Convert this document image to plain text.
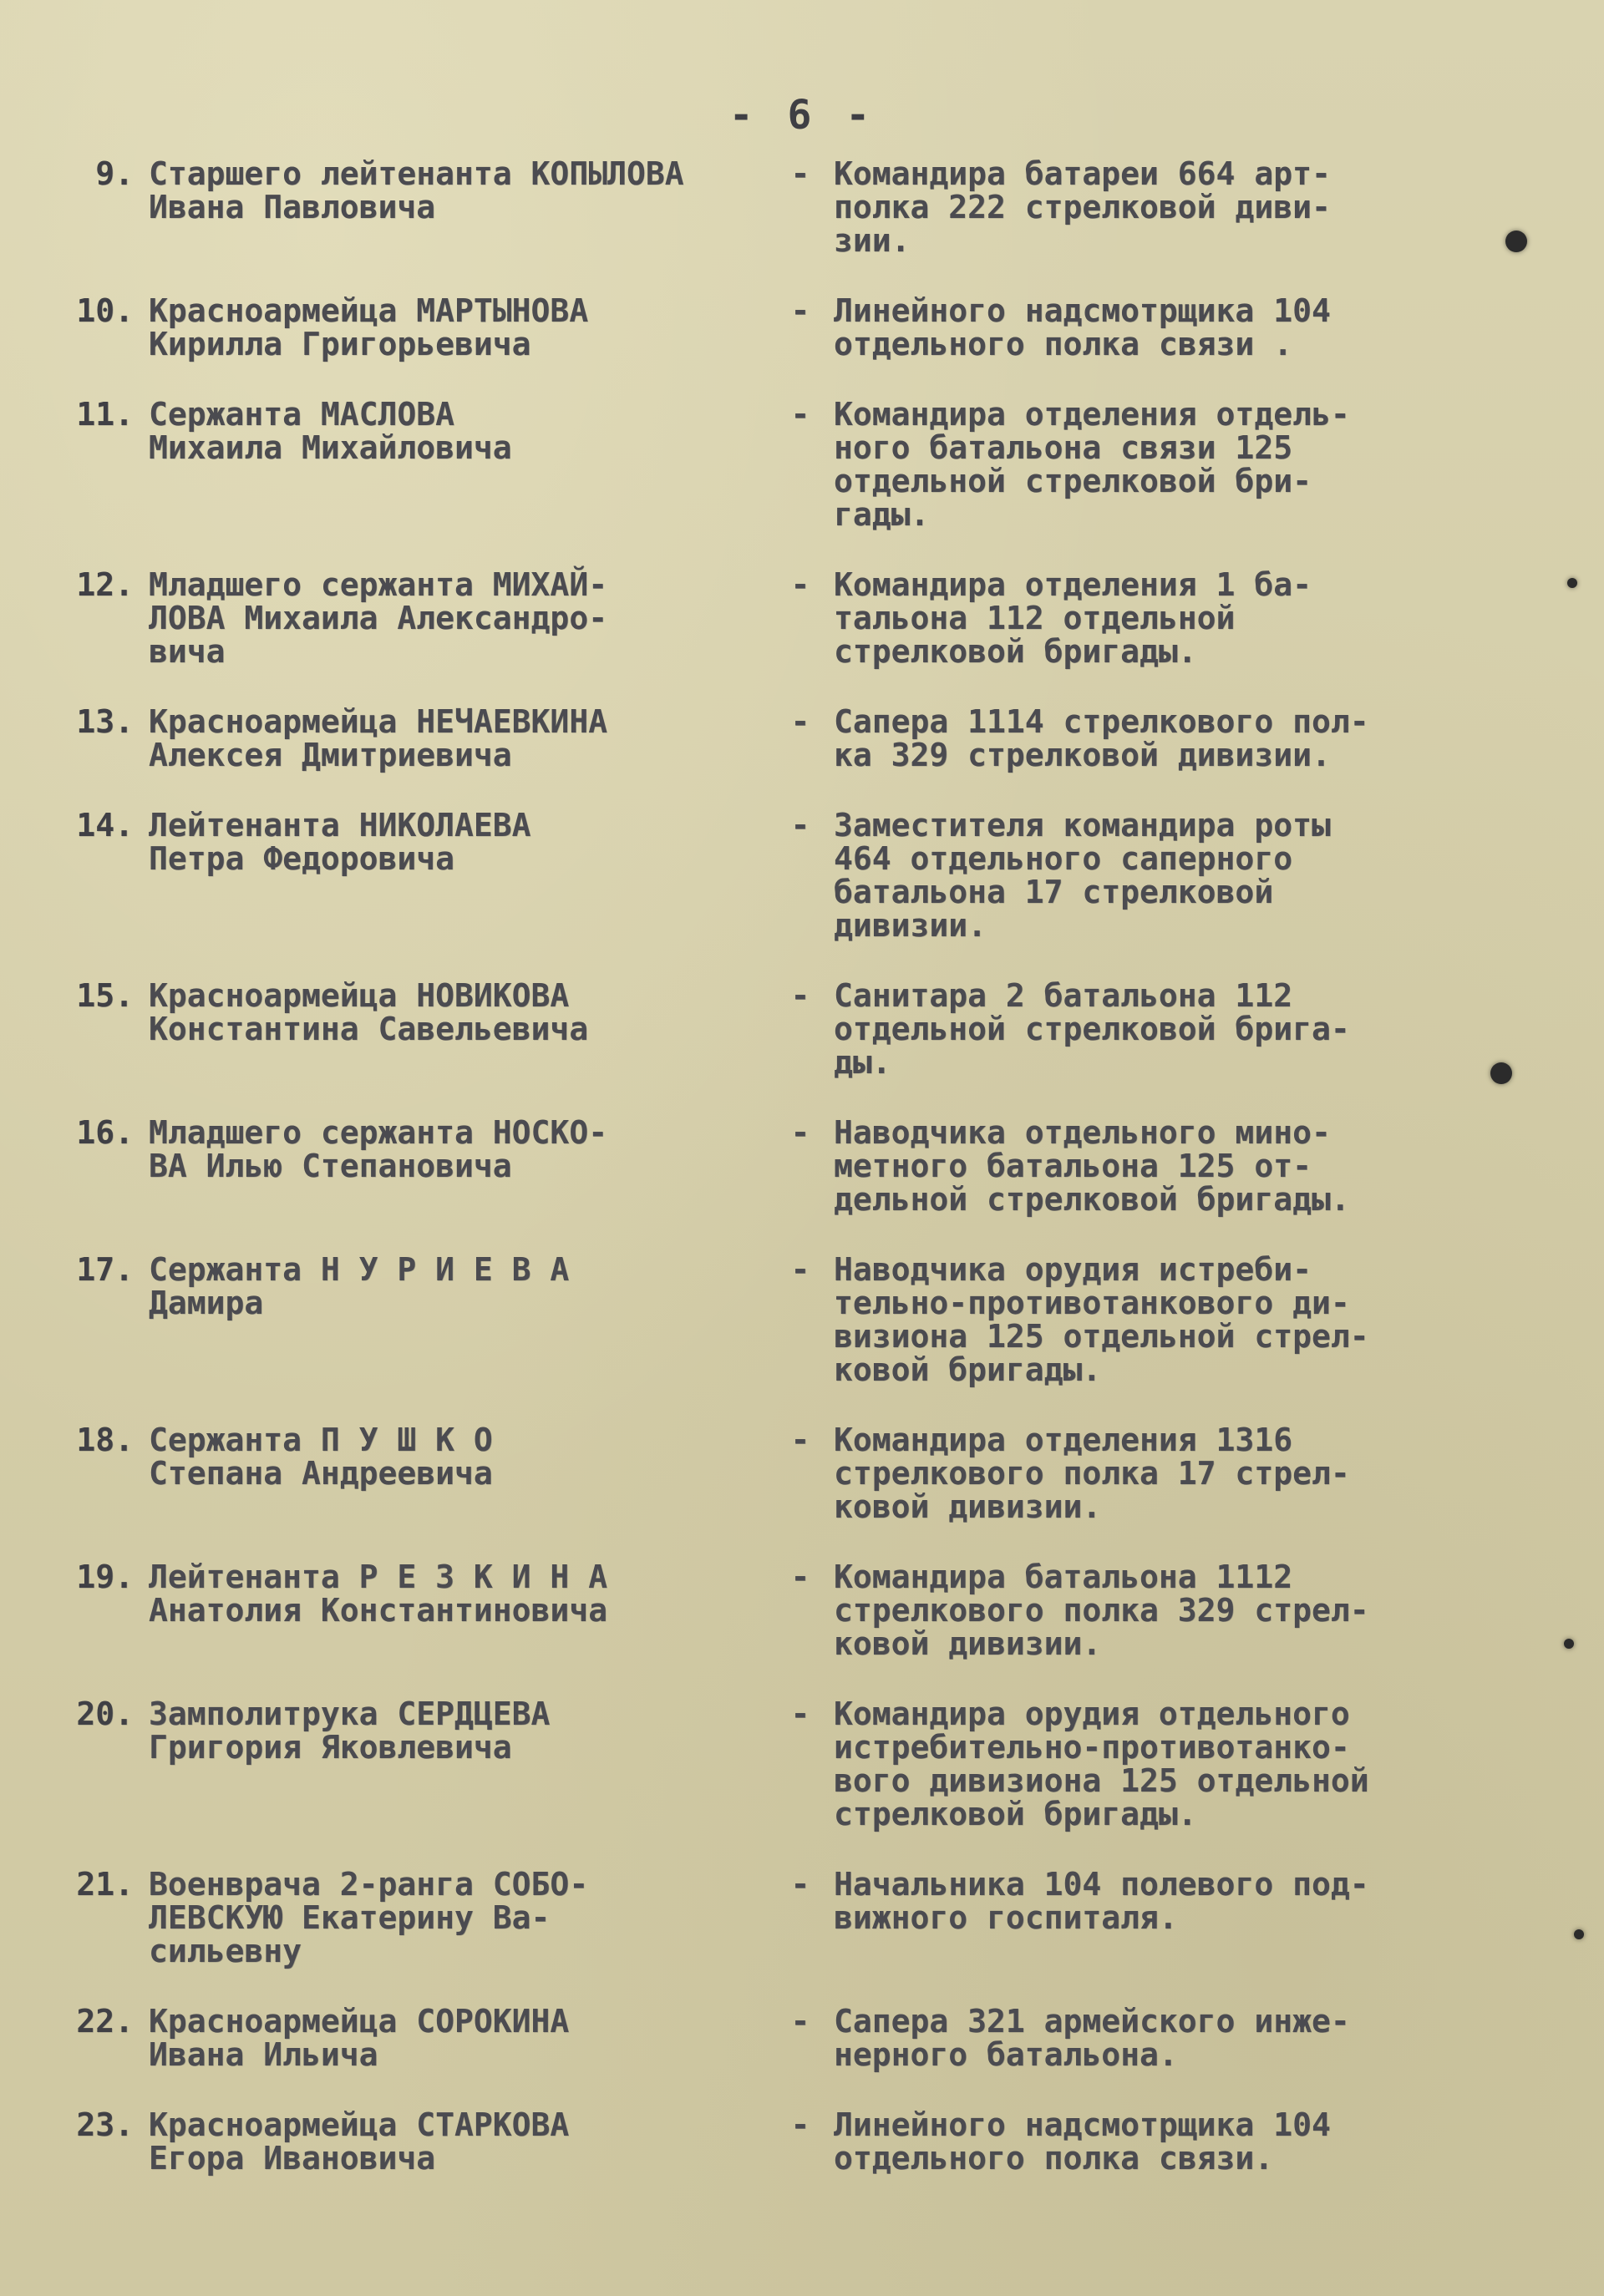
- 6 -
9. Старшего лейтенанта КОПЫЛОВА Ивана Павловича
- Командира батареи 664 арт-
полка 222 стрелковой диви-
зии.
10. Красноармейца МАРТЫНОВА
Кирилла Григорьевича
- Линейного надсмотрщика 104
отдельного полка связи .
11. Сержанта МАСЛОВА
Михаила Михайловича
- Командира отделения отдель-
ного батальона связи 125
отдельной стрелковой бри-
гады.
12. Младшего сержанта МИХАЙ-
ЛОВА Михаила Александро-
вича
- Командира отделения 1 ба-
тальона 112 отдельной
стрелковой бригады.
13. Красноармейца НЕЧАЕВКИНА
Алексея Дмитриевича
- Сапера 1114 стрелкового пол-
ка 329 стрелковой дивизии.
14. Лейтенанта НИКОЛАЕВА
Петра Федоровича
- Заместителя командира роты
464 отдельного саперного
батальона 17 стрелковой
дивизии.
15. Красноармейца НОВИКОВА
Константина Савельевича
- Санитара 2 батальона 112
отдельной стрелковой брига-
ды.
16. Младшего сержанта НОСКО-
ВА Илью Степановича
- Наводчика отдельного мино-
метного батальона 125 от-
дельной стрелковой бригады.
17. Сержанта Н У Р И Е В А
Дамира
- Наводчика орудия истреби-
тельно-противотанкового ди-
визиона 125 отдельной стрел-
ковой бригады.
18. Сержанта П У Ш К О
Степана Андреевича
- Командира отделения 1316
стрелкового полка 17 стрел-
ковой дивизии.
19. Лейтенанта Р Е З К И Н А
Анатолия Константиновича
- Командира батальона 1112
стрелкового полка 329 стрел-
ковой дивизии.
20. Замполитрука СЕРДЦЕВА
Григория Яковлевича
- Командира орудия отдельного
истребительно-противотанко-
вого дивизиона 125 отдельной
стрелковой бригады.
21. Военврача 2-ранга СОБО-
ЛЕВСКУЮ Екатерину Ва-
сильевну
- Начальника 104 полевого под-
вижного госпиталя.
22. Красноармейца СОРОКИНА
Ивана Ильича
- Сапера 321 армейского инже-
нерного батальона.
23. Красноармейца СТАРКОВА
Егора Ивановича
- Линейного надсмотрщика 104
отдельного полка связи.
